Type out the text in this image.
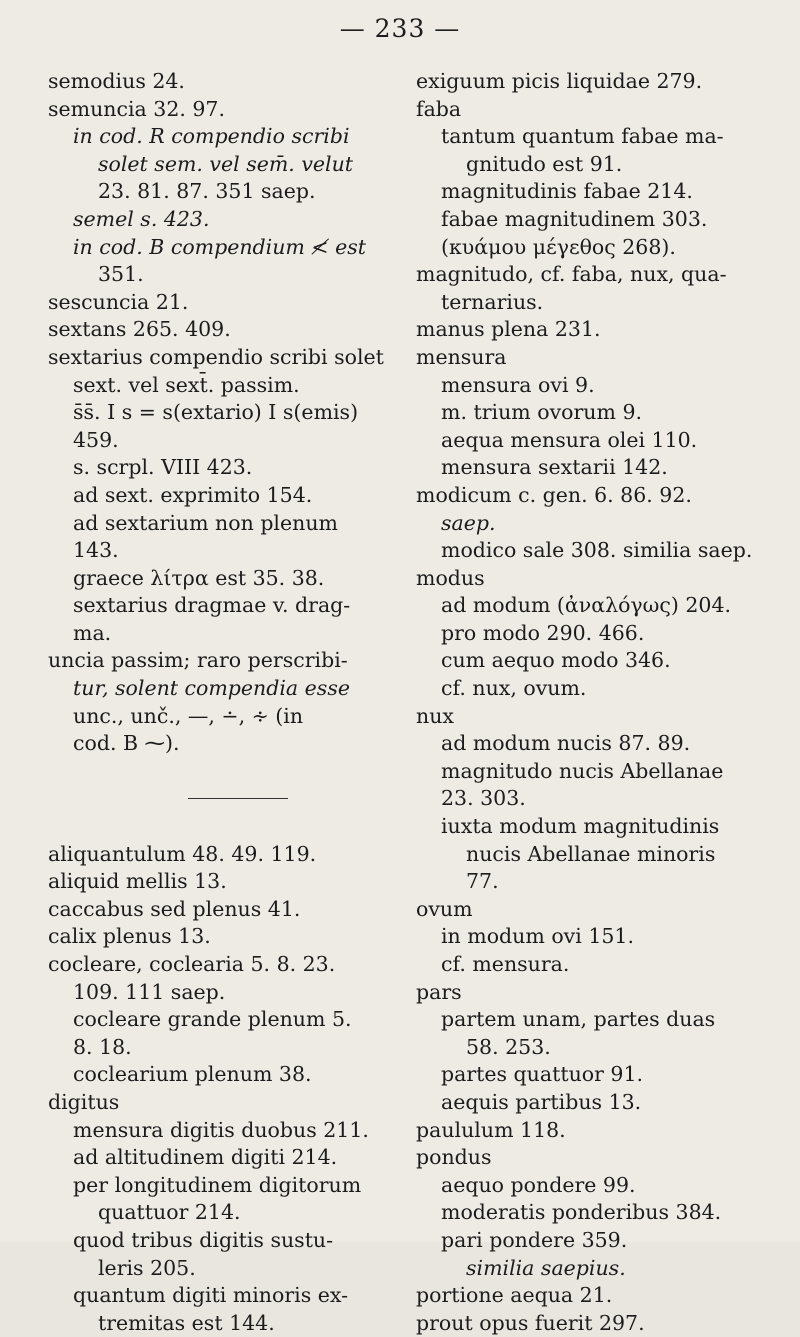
— 233 —
semodius 24.
semuncia 32. 97.
in cod. R compendio scribi
solet sem. vel sem̄. velut
23. 81. 87. 351 saep.
semel s. 423.
in cod. B compendium ≮ est
351.
sescuncia 21.
sextans 265. 409.
sextarius compendio scribi solet
sext. vel sext̄. passim.
s̄s̄. I s = s(extario) I s(emis)
459.
s. scrpl. VIII 423.
ad sext. exprimito 154.
ad sextarium non plenum
143.
graece λίτρα est 35. 38.
sextarius dragmae v. drag-
ma.
uncia passim; raro perscribi-
tur, solent compendia esse
unc., unč., —, ∸, ∻ (in
cod. B ⁓).
aliquantulum 48. 49. 119.
aliquid mellis 13.
caccabus sed plenus 41.
calix plenus 13.
cocleare, coclearia 5. 8. 23.
109. 111 saep.
cocleare grande plenum 5.
8. 18.
coclearium plenum 38.
digitus
mensura digitis duobus 211.
ad altitudinem digiti 214.
per longitudinem digitorum
quattuor 214.
quod tribus digitis sustu-
leris 205.
quantum digiti minoris ex-
tremitas est 144.
exiguum picis liquidae 279.
faba
tantum quantum fabae ma-
gnitudo est 91.
magnitudinis fabae 214.
fabae magnitudinem 303.
(κυάμου μέγεθος 268).
magnitudo, cf. faba, nux, qua-
ternarius.
manus plena 231.
mensura
mensura ovi 9.
m. trium ovorum 9.
aequa mensura olei 110.
mensura sextarii 142.
modicum c. gen. 6. 86. 92.
saep.
modico sale 308. similia saep.
modus
ad modum (ἀναλόγως) 204.
pro modo 290. 466.
cum aequo modo 346.
cf. nux, ovum.
nux
ad modum nucis 87. 89.
magnitudo nucis Abellanae
23. 303.
iuxta modum magnitudinis
nucis Abellanae minoris
77.
ovum
in modum ovi 151.
cf. mensura.
pars
partem unam, partes duas
58. 253.
partes quattuor 91.
aequis partibus 13.
paululum 118.
pondus
aequo pondere 99.
moderatis ponderibus 384.
pari pondere 359.
similia saepius.
portione aequa 21.
prout opus fuerit 297.
